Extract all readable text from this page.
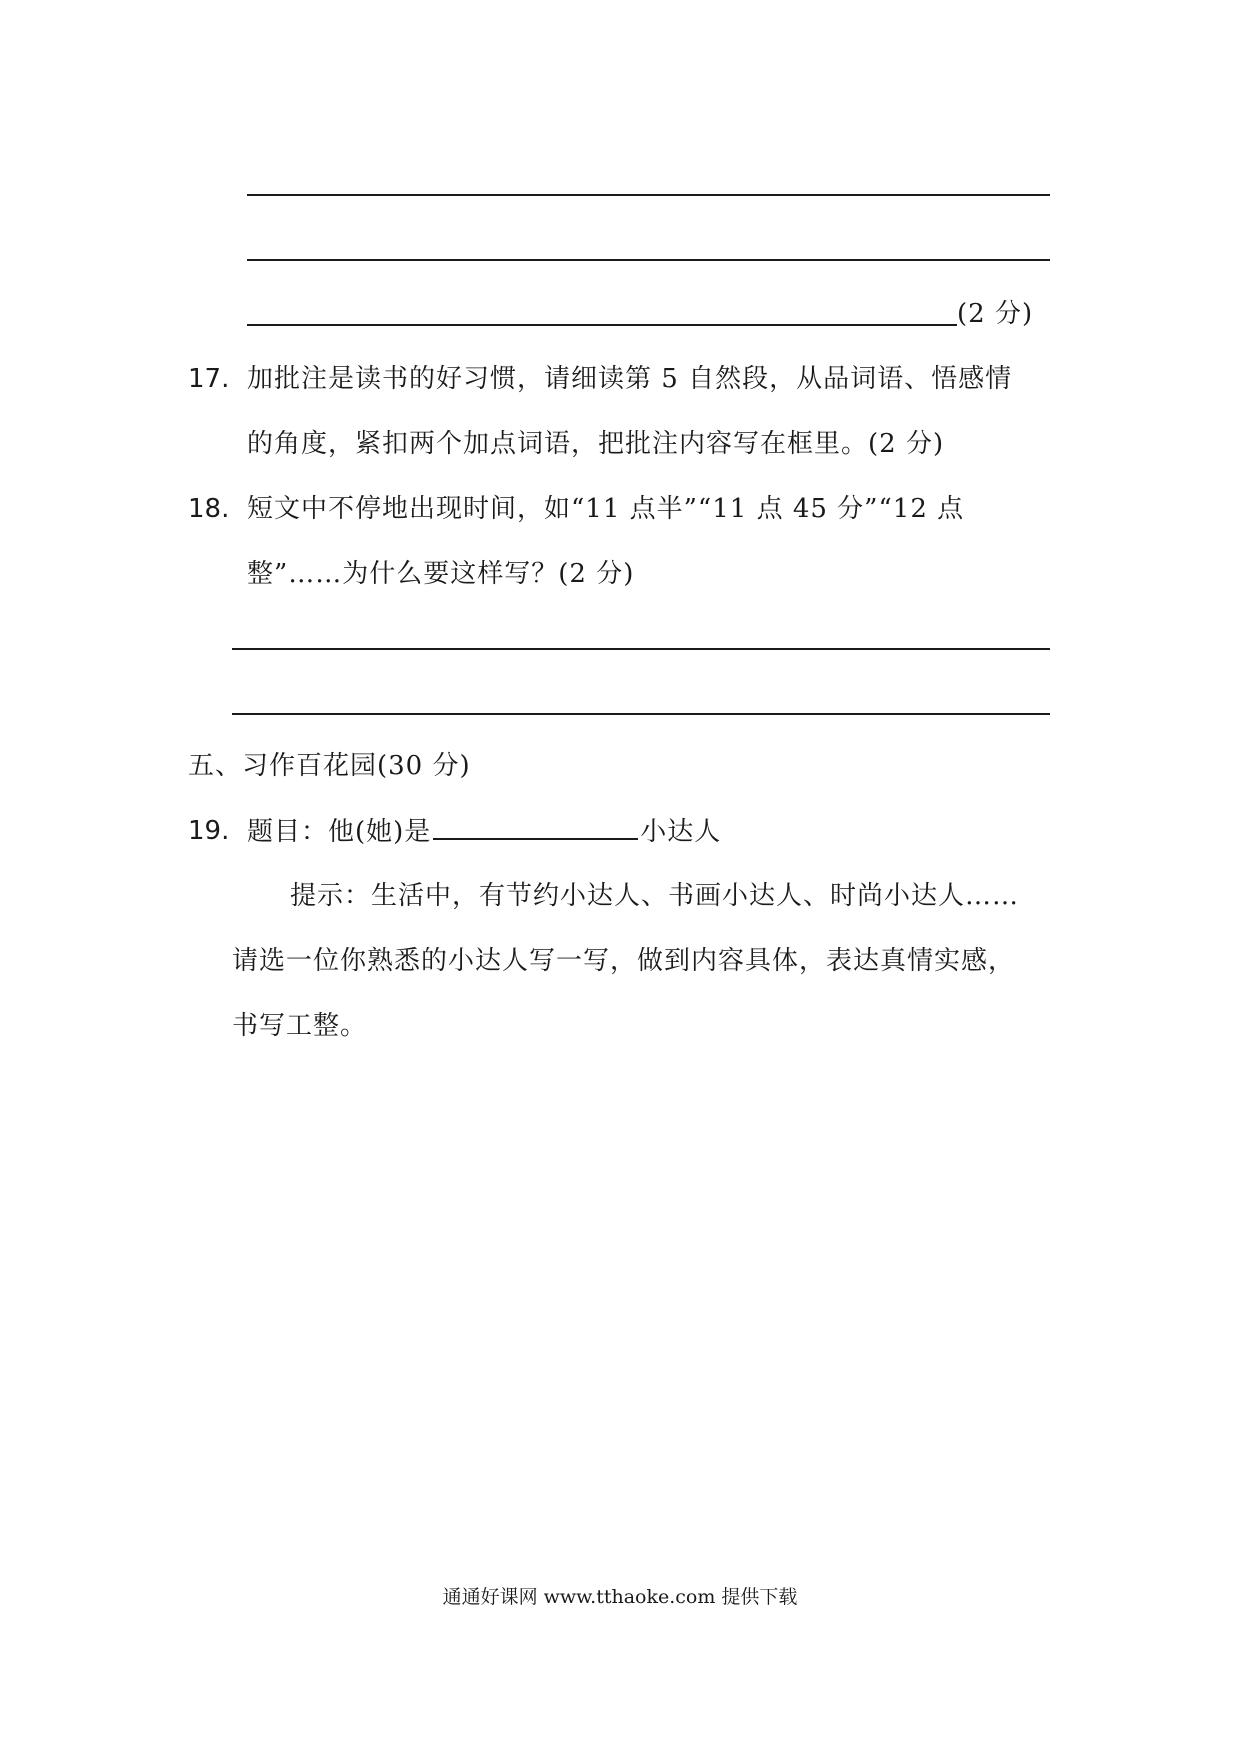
(2 分)
17. 加批注是读书的好习惯，请细读第 5 自然段，从品词语、悟感情
的角度，紧扣两个加点词语，把批注内容写在框里。(2 分)
18. 短文中不停地出现时间，如“11 点半”“11 点 45 分”“12 点
整”……为什么要这样写？(2 分)
五、习作百花园(30 分)
19. 题目：他(她)是	小达人
提示：生活中，有节约小达人、书画小达人、时尚小达人……
请选一位你熟悉的小达人写一写，做到内容具体，表达真情实感，
书写工整。
通通好课网 www.tthaoke.com 提供下载
